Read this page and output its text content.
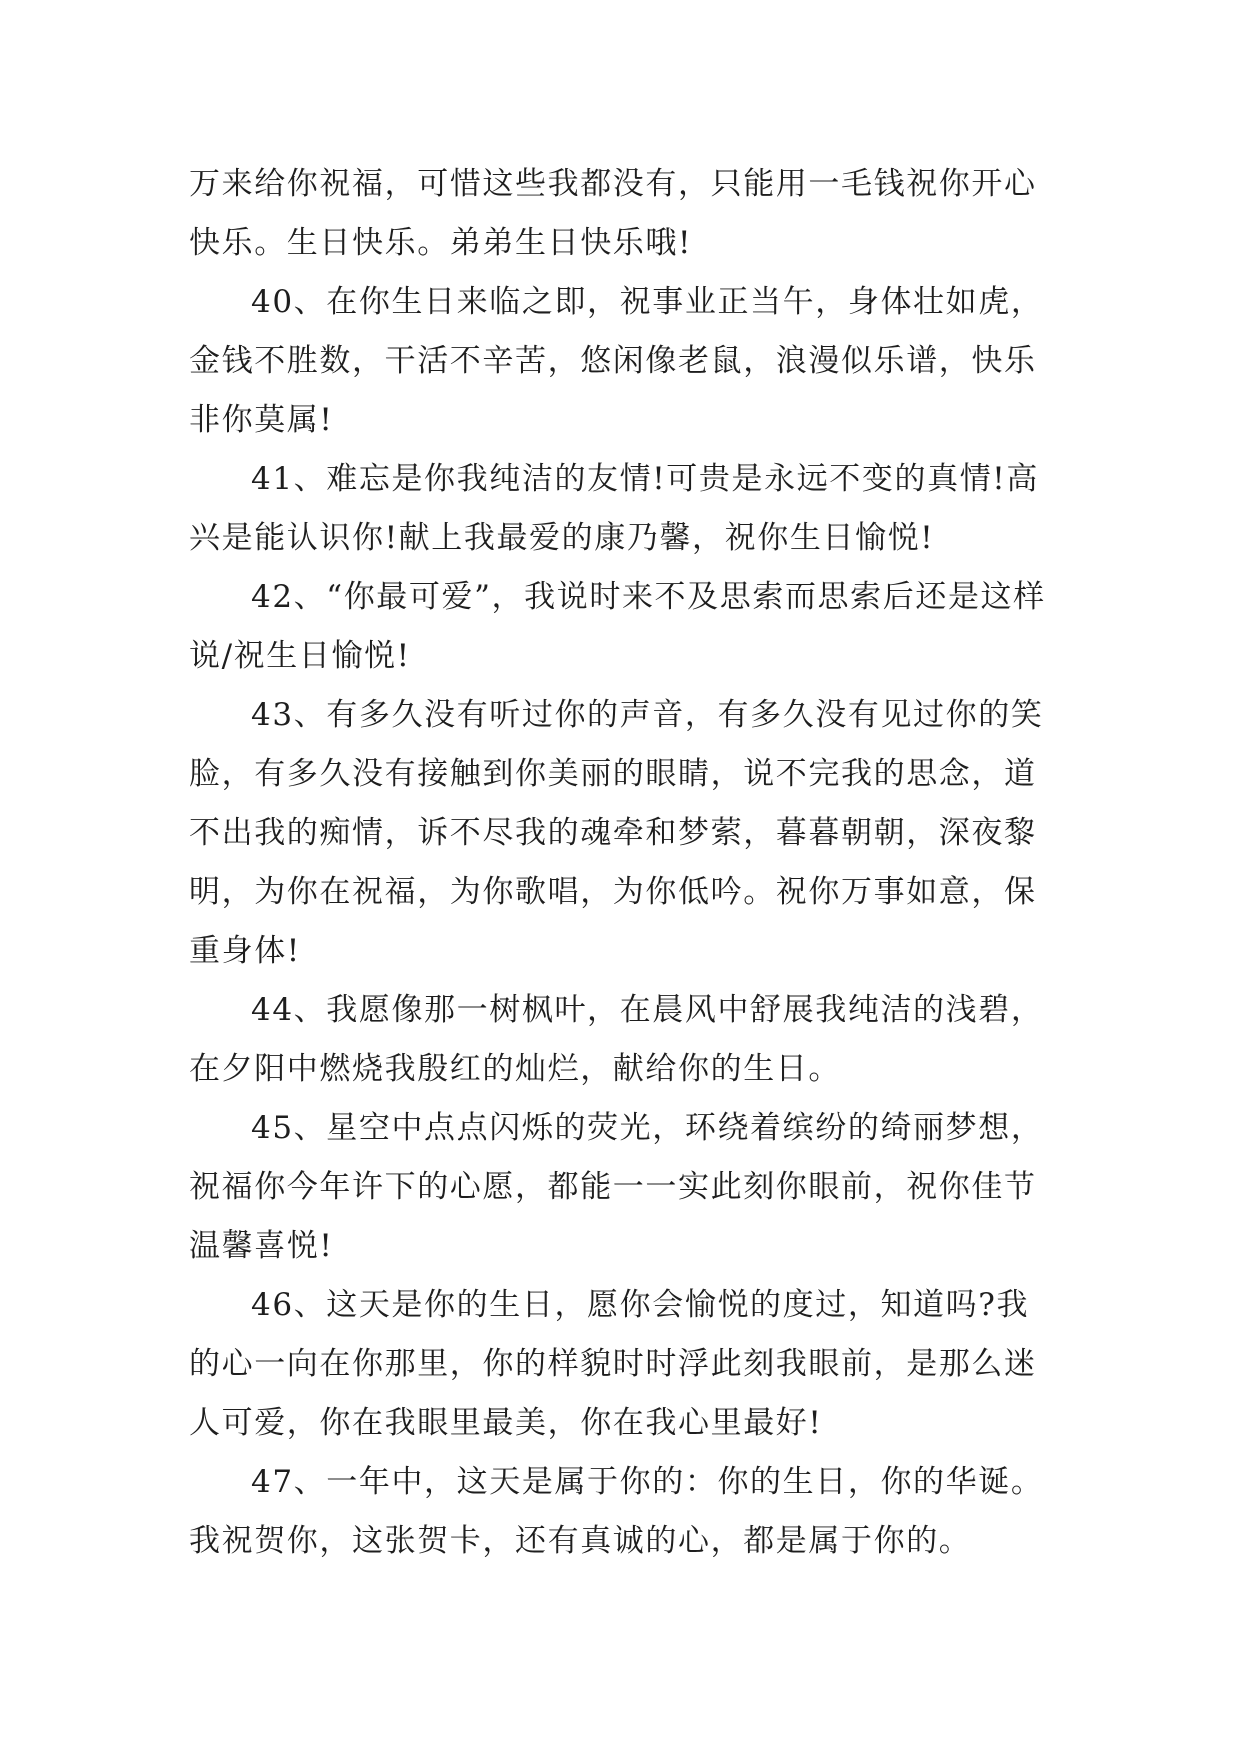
万来给你祝福，可惜这些我都没有，只能用一毛钱祝你开心
快乐。生日快乐。弟弟生日快乐哦!
40、在你生日来临之即，祝事业正当午，身体壮如虎，
金钱不胜数，干活不辛苦，悠闲像老鼠，浪漫似乐谱，快乐
非你莫属!
41、难忘是你我纯洁的友情!可贵是永远不变的真情!高
兴是能认识你!献上我最爱的康乃馨，祝你生日愉悦!
42、“你最可爱”，我说时来不及思索而思索后还是这样
说/祝生日愉悦!
43、有多久没有听过你的声音，有多久没有见过你的笑
脸，有多久没有接触到你美丽的眼睛，说不完我的思念，道
不出我的痴情，诉不尽我的魂牵和梦萦，暮暮朝朝，深夜黎
明，为你在祝福，为你歌唱，为你低吟。祝你万事如意，保
重身体!
44、我愿像那一树枫叶，在晨风中舒展我纯洁的浅碧，
在夕阳中燃烧我殷红的灿烂，献给你的生日。
45、星空中点点闪烁的荧光，环绕着缤纷的绮丽梦想，
祝福你今年许下的心愿，都能一一实此刻你眼前，祝你佳节
温馨喜悦!
46、这天是你的生日，愿你会愉悦的度过，知道吗?我
的心一向在你那里，你的样貌时时浮此刻我眼前，是那么迷
人可爱，你在我眼里最美，你在我心里最好!
47、一年中，这天是属于你的：你的生日，你的华诞。
我祝贺你，这张贺卡，还有真诚的心，都是属于你的。
